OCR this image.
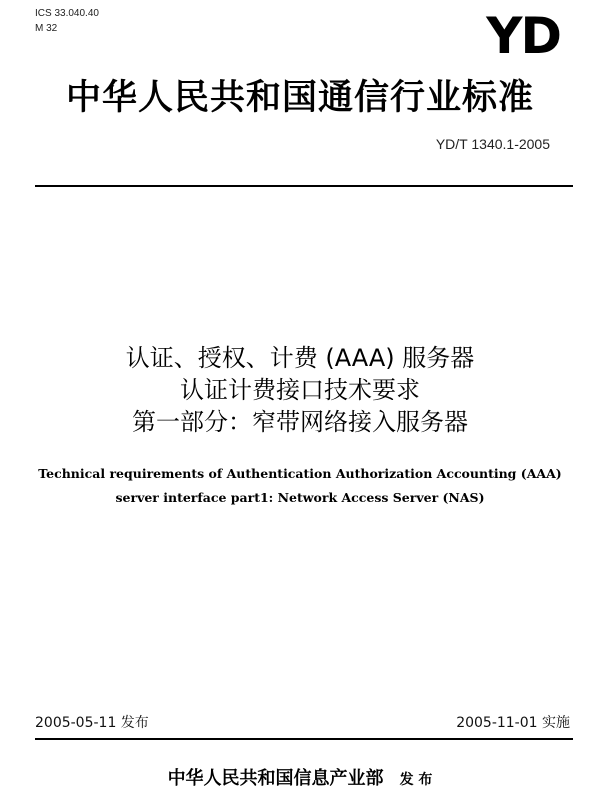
ICS 33.040.40
M 32	YD
中华人民共和国通信行业标准
YD/T 1340.1-2005
认证、授权、计费 (AAA) 服务器
认证计费接口技术要求
第一部分：窄带网络接入服务器
Technical requirements of Authentication Authorization Accounting (AAA)
server interface part1: Network Access Server (NAS)
2005-05-11 发布	2005-11-01 实施
中华人民共和国信息产业部 发 布
